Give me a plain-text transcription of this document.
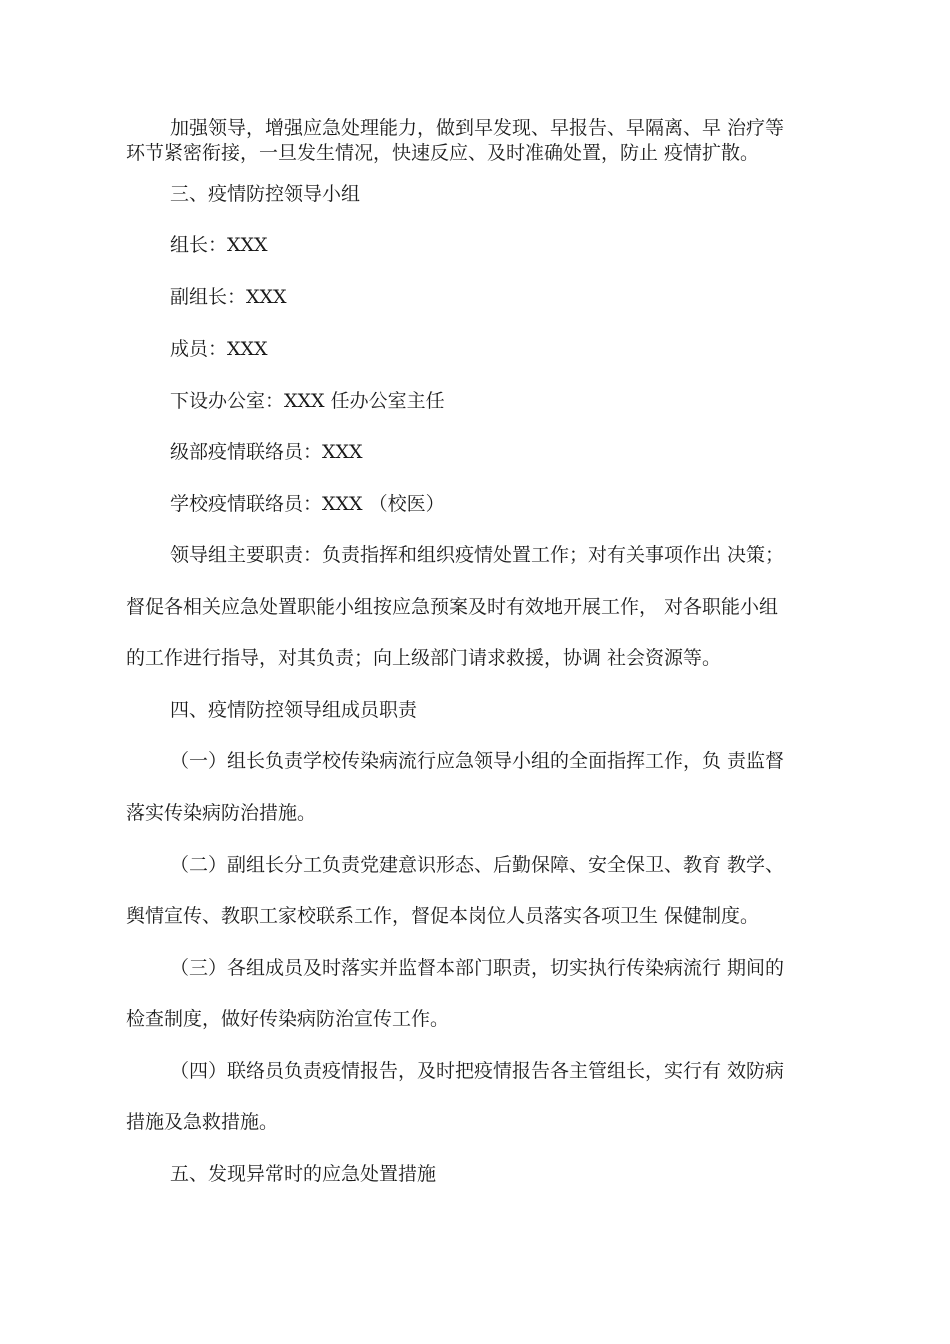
加强领导，增强应急处理能力，做到早发现、早报告、早隔离、早 治疗等
环节紧密衔接，一旦发生情况，快速反应、及时准确处置，防止 疫情扩散。
三、疫情防控领导小组
组长：XXX
副组长：XXX
成员：XXX
下设办公室：XXX 任办公室主任
级部疫情联络员：XXX
学校疫情联络员：XXX （校医）
领导组主要职责：负责指挥和组织疫情处置工作；对有关事项作出 决策；
督促各相关应急处置职能小组按应急预案及时有效地开展工作， 对各职能小组
的工作进行指导，对其负责；向上级部门请求救援，协调 社会资源等。
四、疫情防控领导组成员职责
（一）组长负责学校传染病流行应急领导小组的全面指挥工作，负 责监督
落实传染病防治措施。
（二）副组长分工负责党建意识形态、后勤保障、安全保卫、教育 教学、
舆情宣传、教职工家校联系工作，督促本岗位人员落实各项卫生 保健制度。
（三）各组成员及时落实并监督本部门职责，切实执行传染病流行 期间的
检查制度，做好传染病防治宣传工作。
（四）联络员负责疫情报告，及时把疫情报告各主管组长，实行有 效防病
措施及急救措施。
五、发现异常时的应急处置措施
